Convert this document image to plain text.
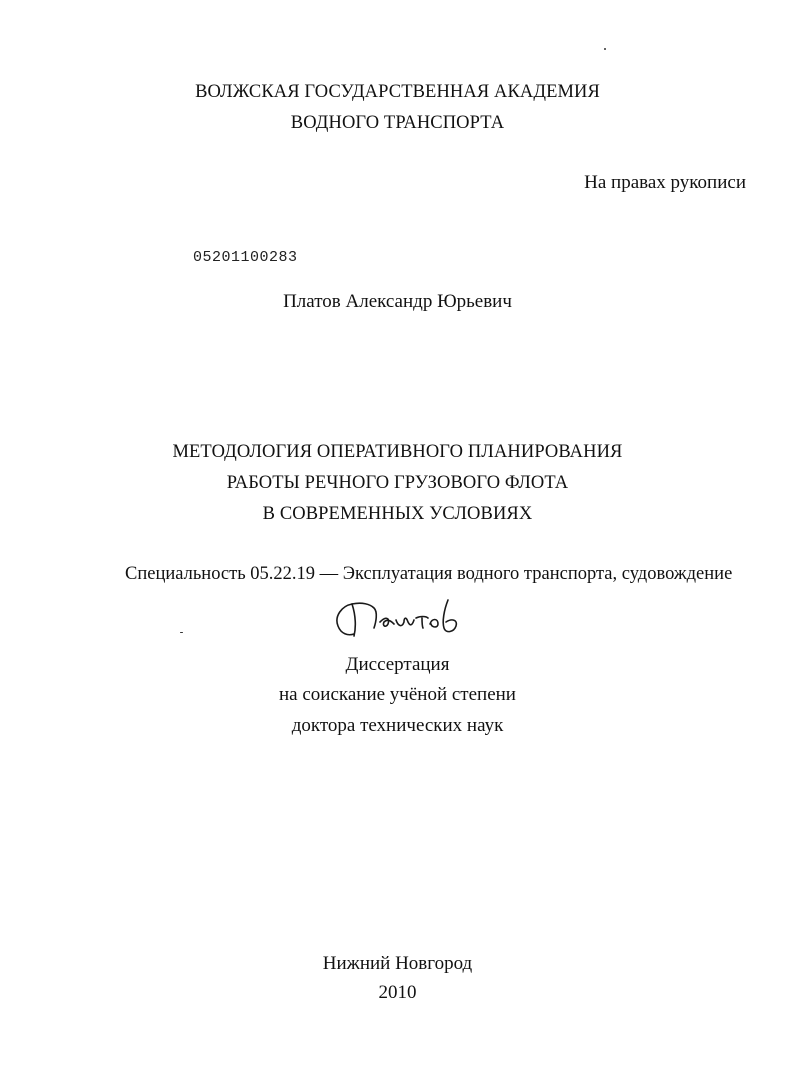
ВОЛЖСКАЯ ГОСУДАРСТВЕННАЯ АКАДЕМИЯ
ВОДНОГО ТРАНСПОРТА
На правах рукописи
05201100283
Платов Александр Юрьевич
МЕТОДОЛОГИЯ ОПЕРАТИВНОГО ПЛАНИРОВАНИЯ
РАБОТЫ РЕЧНОГО ГРУЗОВОГО ФЛОТА
В СОВРЕМЕННЫХ УСЛОВИЯХ
Специальность 05.22.19 — Эксплуатация водного транспорта, судовождение
Диссертация
на соискание учёной степени
доктора технических наук
Нижний Новгород
2010
